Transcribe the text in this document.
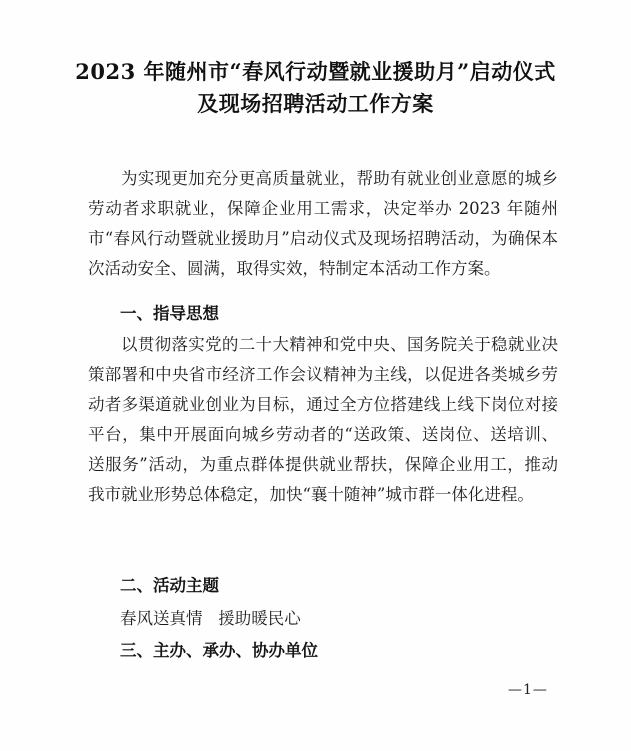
2023 年随州市“春风行动暨就业援助月”启动仪式
及现场招聘活动工作方案

为实现更加充分更高质量就业，帮助有就业创业意愿的城乡劳动者求职就业，保障企业用工需求，决定举办 2023 年随州市“春风行动暨就业援助月”启动仪式及现场招聘活动，为确保本次活动安全、圆满，取得实效，特制定本活动工作方案。

一、指导思想

以贯彻落实党的二十大精神和党中央、国务院关于稳就业决策部署和中央省市经济工作会议精神为主线，以促进各类城乡劳动者多渠道就业创业为目标，通过全方位搭建线上线下岗位对接平台，集中开展面向城乡劳动者的“送政策、送岗位、送培训、送服务”活动，为重点群体提供就业帮扶，保障企业用工，推动我市就业形势总体稳定，加快“襄十随神”城市群一体化进程。

二、活动主题
春风送真情   援助暖民心
三、主办、承办、协办单位
—1—
